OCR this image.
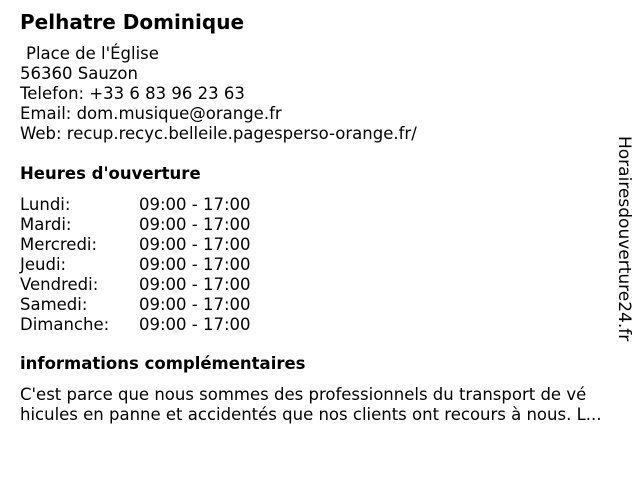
Pelhatre Dominique
Place de l'Église
56360 Sauzon
Telefon: +33 6 83 96 23 63
Email: dom.musique@orange.fr
Web: recup.recyc.belleile.pagesperso-orange.fr/
Heures d'ouverture
Lundi:	09:00 - 17:00
Mardi:	09:00 - 17:00
Mercredi:	09:00 - 17:00
Jeudi:	09:00 - 17:00
Vendredi: 09:00 - 17:00
Samedi:	09:00 - 17:00
Dimanche: 09:00 - 17:00
informations complémentaires
C'est parce que nous sommes des professionnels du transport de vé
hicules en panne et accidentés que nos clients ont recours à nous. L...
Horairesdouverture24.fr
